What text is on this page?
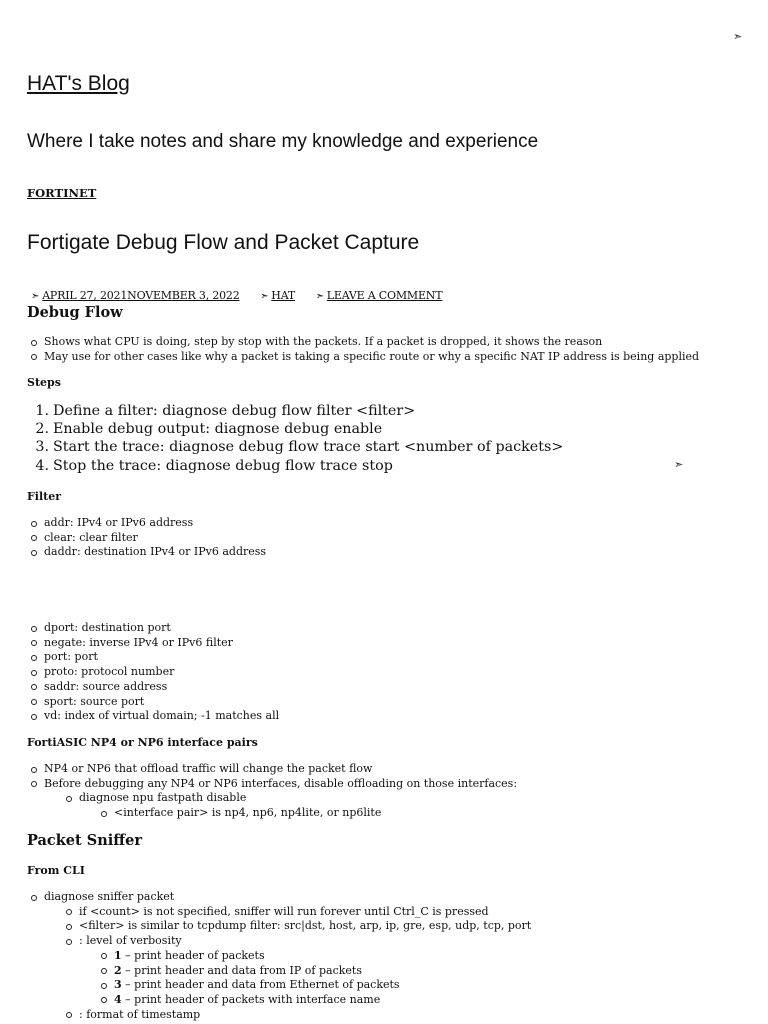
➣
HAT's Blog

Where I take notes and share my knowledge and experience

FORTINET
Fortigate Debug Flow and Packet Capture
➣ APRIL 27, 2021NOVEMBER 3, 2022 ➣ HAT ➣ LEAVE A COMMENT
Debug Flow
Shows what CPU is doing, step by stop with the packets. If a packet is dropped, it shows the reason
May use for other cases like why a packet is taking a specific route or why a specific NAT IP address is being applied
Steps
1. Define a filter: diagnose debug flow filter <filter>
2. Enable debug output: diagnose debug enable
3. Start the trace: diagnose debug flow trace start <number of packets>
4. Stop the trace: diagnose debug flow trace stop	➣
Filter
addr: IPv4 or IPv6 address
clear: clear filter
daddr: destination IPv4 or IPv6 address
dport: destination port
negate: inverse IPv4 or IPv6 filter
port: port
proto: protocol number
saddr: source address
sport: source port
vd: index of virtual domain; -1 matches all
FortiASIC NP4 or NP6 interface pairs
NP4 or NP6 that offload traffic will change the packet flow
Before debugging any NP4 or NP6 interfaces, disable offloading on those interfaces:
diagnose npu fastpath disable
<interface pair> is np4, np6, np4lite, or np6lite
Packet Sniffer
From CLI
diagnose sniffer packet
if <count> is not specified, sniffer will run forever until Ctrl_C is pressed
<filter> is similar to tcpdump filter: src|dst, host, arp, ip, gre, esp, udp, tcp, port
: level of verbosity
1 – print header of packets
2 – print header and data from IP of packets
3 – print header and data from Ethernet of packets
4 – print header of packets with interface name
: format of timestamp
